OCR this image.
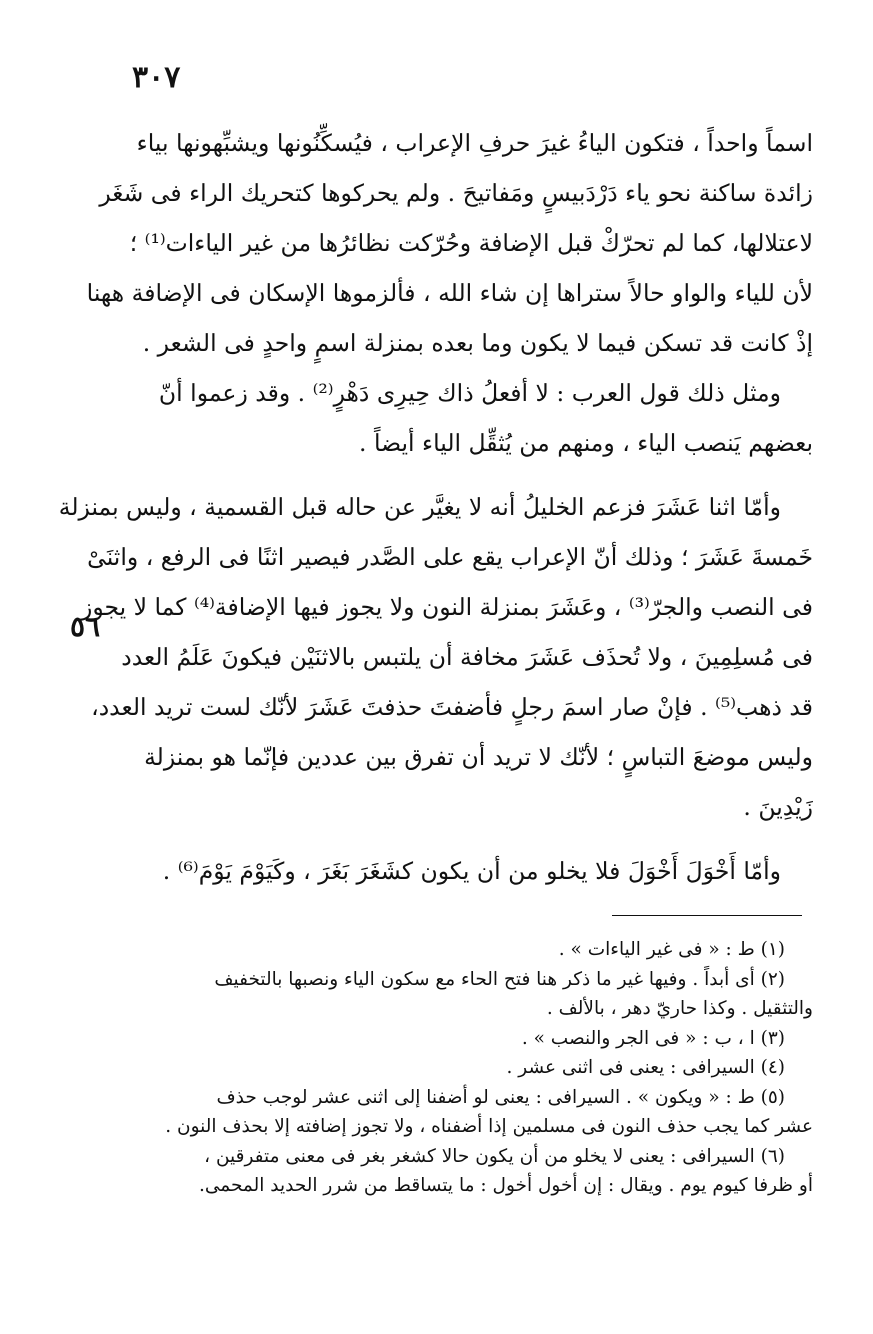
٣٠٧
٥٦
اسماً واحداً ، فتكون الياءُ غيرَ حرفِ الإعراب ، فيُسكِّنُونها ويشبِّهونها بياء
زائدة ساكنة نحو ياء دَرْدَبيسٍ ومَفاتيحَ . ولم يحركوها كتحريك الراء فى شَغَر
لاعتلالها، كما لم تحرّكْ قبل الإضافة وحُرّكت نظائرُها من غير الياءات⁽¹⁾ ؛
لأن للياء والواو حالاً ستراها إن شاء الله ، فألزموها الإسكان فى الإضافة ههنا
إذْ كانت قد تسكن فيما لا يكون وما بعده بمنزلة اسمٍ واحدٍ فى الشعر .
ومثل ذلك قول العرب : لا أفعلُ ذاك حِيرِى دَهْرٍ⁽²⁾ . وقد زعموا أنّ
بعضهم يَنصب الياء ، ومنهم من يُثقِّل الياء أيضاً .
وأمّا اثنا عَشَرَ فزعم الخليلُ أنه لا يغيَّر عن حاله قبل القسمية ، وليس بمنزلة
خَمسةَ عَشَرَ ؛ وذلك أنّ الإعراب يقع على الصَّدر فيصير اثنًا فى الرفع ، واثنَىْ
فى النصب والجرّ⁽³⁾ ، وعَشَرَ بمنزلة النون ولا يجوز فيها الإضافة⁽⁴⁾ كما لا يجوز
فى مُسلِمِينَ ، ولا تُحذَف عَشَرَ مخافة أن يلتبس بالاثنَيْن فيكونَ عَلَمُ العدد
قد ذهب⁽⁵⁾ . فإنْ صار اسمَ رجلٍ فأضفتَ حذفتَ عَشَرَ لأنّك لست تريد العدد،
وليس موضعَ التباسٍ ؛ لأنّك لا تريد أن تفرق بين عددين فإنّما هو بمنزلة
زَيْدِينَ .
وأمّا أَخْوَلَ أَخْوَلَ فلا يخلو من أن يكون كشَغَرَ بَغَرَ ، وكَيَوْمَ يَوْمَ⁽⁶⁾ .
(١) ط : « فى غير الياءات » .
(٢) أى أبداً . وفيها غير ما ذكر هنا فتح الحاء مع سكون الياء ونصبها بالتخفيف
والتثقيل . وكذا حاريّ دهر ، بالألف .
(٣) ا ، ب : « فى الجر والنصب » .
(٤) السيرافى : يعنى فى اثنى عشر .
(٥) ط : « ويكون » . السيرافى : يعنى لو أضفنا إلى اثنى عشر لوجب حذف
عشر كما يجب حذف النون فى مسلمين إذا أضفناه ، ولا تجوز إضافته إلا بحذف النون .
(٦) السيرافى : يعنى لا يخلو من أن يكون حالا كشغر بغر فى معنى متفرقين ،
أو ظرفا كيوم يوم . ويقال : إن أخول أخول : ما يتساقط من شرر الحديد المحمى.
